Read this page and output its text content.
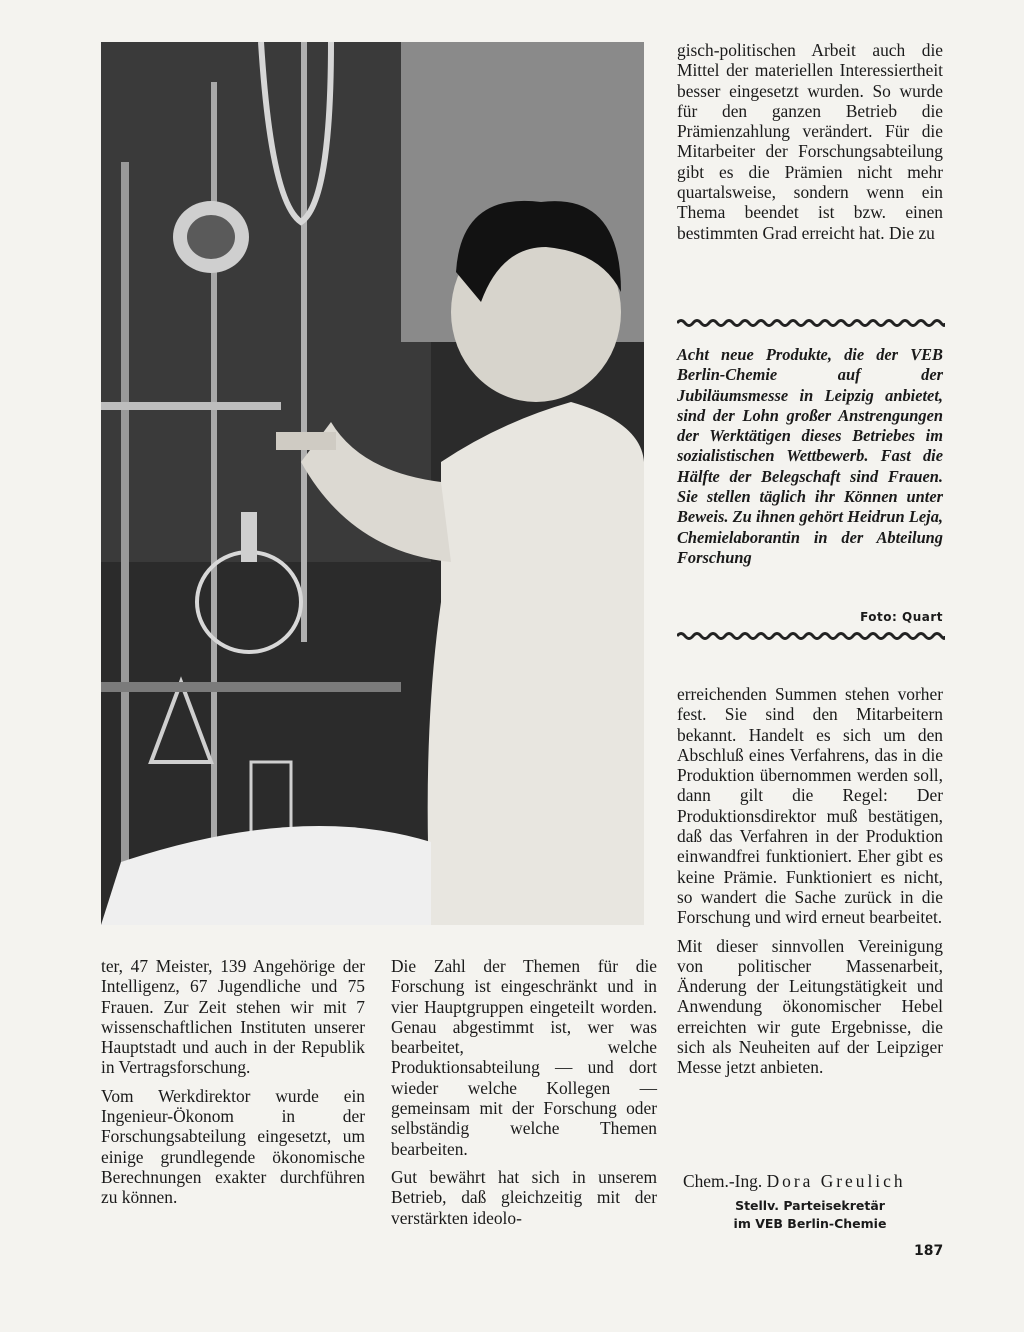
ter, 47 Meister, 139 Angehörige der Intelligenz, 67 Jugendliche und 75 Frauen. Zur Zeit stehen wir mit 7 wissenschaftlichen Instituten unserer Hauptstadt und auch in der Republik in Vertragsforschung.

Vom Werkdirektor wurde ein Ingenieur-Ökonom in der Forschungsabteilung eingesetzt, um einige grundlegende ökonomische Berechnungen exakter durchführen zu können.

Die Zahl der Themen für die Forschung ist eingeschränkt und in vier Hauptgruppen eingeteilt worden. Genau abgestimmt ist, wer was bearbeitet, welche Produktionsabteilung — und dort wieder welche Kollegen — gemeinsam mit der Forschung oder selbständig welche Themen bearbeiten.

Gut bewährt hat sich in unserem Betrieb, daß gleichzeitig mit der verstärkten ideolo-

gisch-politischen Arbeit auch die Mittel der materiellen Interessiertheit besser eingesetzt wurden. So wurde für den ganzen Betrieb die Prämienzahlung verändert. Für die Mitarbeiter der Forschungsabteilung gibt es die Prämien nicht mehr quartalsweise, sondern wenn ein Thema beendet ist bzw. einen bestimmten Grad erreicht hat. Die zu

Acht neue Produkte, die der VEB Berlin-Chemie auf der Jubiläumsmesse in Leipzig anbietet, sind der Lohn großer Anstrengungen der Werktätigen dieses Betriebes im sozialistischen Wettbewerb. Fast die Hälfte der Belegschaft sind Frauen. Sie stellen täglich ihr Können unter Beweis. Zu ihnen gehört Heidrun Leja, Chemielaborantin in der Abteilung Forschung
Foto: Quart

erreichenden Summen stehen vorher fest. Sie sind den Mitarbeitern bekannt. Handelt es sich um den Abschluß eines Verfahrens, das in die Produktion übernommen werden soll, dann gilt die Regel: Der Produktionsdirektor muß bestätigen, daß das Verfahren in der Produktion einwandfrei funktioniert. Eher gibt es keine Prämie. Funktioniert es nicht, so wandert die Sache zurück in die Forschung und wird erneut bearbeitet.

Mit dieser sinnvollen Vereinigung von politischer Massenarbeit, Änderung der Leitungstätigkeit und Anwendung ökonomischer Hebel erreichten wir gute Ergebnisse, die sich als Neuheiten auf der Leipziger Messe jetzt anbieten.

Chem.-Ing. Dora Greulich
Stellv. Parteisekretär
im VEB Berlin-Chemie
187
